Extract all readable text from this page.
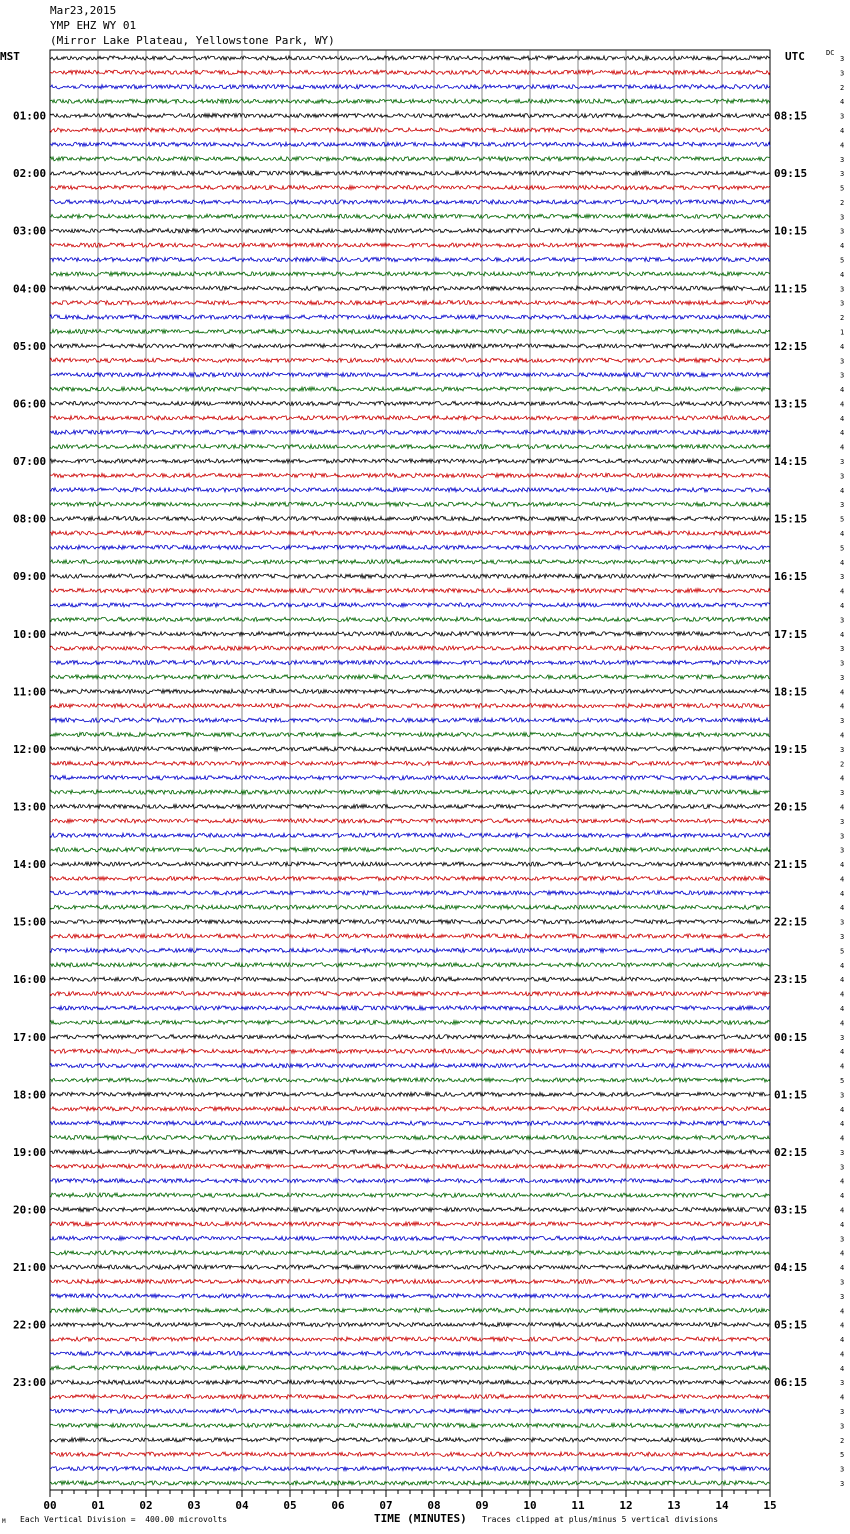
Mar23,2015
YMP EHZ WY 01
(Mirror Lake Plateau, Yellowstone Park, WY)
MST	UTC	DC
3
3
2
4
3
4
4
3
3
5
2
3
3
4
5
4
3
3
2
1
4
3
3
4
4
4
4
4
3
3
4
3
5
4
5
4
3
4
4
3
4
3
3
3
4
4
3
4
3
2
4
3
4
3
3
3
4
4
4
4
3
3
5
4
4
4
4
4
3
4
4
5
3
4
4
4
3
3
4
4
4
4
3
4
4
3
3
4
4
4
4
4
3
4
3
3
2
5
3
3
01:00
02:00
03:00
04:00
05:00
06:00
07:00
08:00
09:00
10:00
11:00
12:00
13:00
14:00
15:00
16:00
17:00
18:00
19:00
20:00
21:00
22:00
23:00
08:15
09:15
10:15
11:15
12:15
13:15
14:15
15:15
16:15
17:15
18:15
19:15
20:15
21:15
22:15
23:15
00:15
01:15
02:15
03:15
04:15
05:15
06:15
00	01	02	03	04	05	06	07	08	09	10	11	12	13	14	15
M Each Vertical Division =  400.00 microvolts	TIME (MINUTES) Traces clipped at plus/minus 5 vertical divisions
